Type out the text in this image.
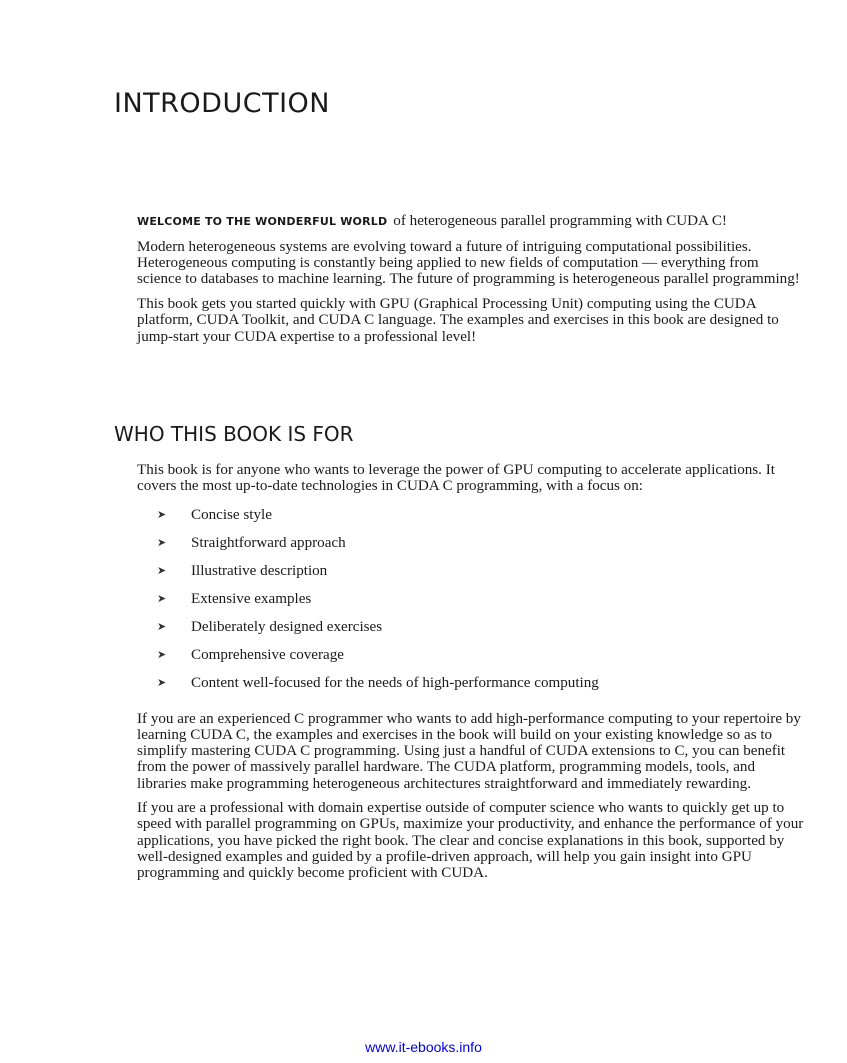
INTRODUCTION

WELCOME TO THE WONDERFUL WORLD of heterogeneous parallel programming with CUDA C!

Modern heterogeneous systems are evolving toward a future of intriguing computational possibilities. Heterogeneous computing is constantly being applied to new fields of computation — everything from science to databases to machine learning. The future of programming is heterogeneous parallel programming!

This book gets you started quickly with GPU (Graphical Processing Unit) computing using the CUDA platform, CUDA Toolkit, and CUDA C language. The examples and exercises in this book are designed to jump-start your CUDA expertise to a professional level!

WHO THIS BOOK IS FOR

This book is for anyone who wants to leverage the power of GPU computing to accelerate applications. It covers the most up-to-date technologies in CUDA C programming, with a focus on:

➤ Concise style
➤ Straightforward approach
➤ Illustrative description
➤ Extensive examples
➤ Deliberately designed exercises
➤ Comprehensive coverage
➤ Content well-focused for the needs of high-performance computing

If you are an experienced C programmer who wants to add high-performance computing to your repertoire by learning CUDA C, the examples and exercises in the book will build on your existing knowledge so as to simplify mastering CUDA C programming. Using just a handful of CUDA extensions to C, you can benefit from the power of massively parallel hardware. The CUDA platform, programming models, tools, and libraries make programming heterogeneous architectures straightforward and immediately rewarding.

If you are a professional with domain expertise outside of computer science who wants to quickly get up to speed with parallel programming on GPUs, maximize your productivity, and enhance the performance of your applications, you have picked the right book. The clear and concise explanations in this book, supported by well-designed examples and guided by a profile-driven approach, will help you gain insight into GPU programming and quickly become proficient with CUDA.

www.it-ebooks.info
